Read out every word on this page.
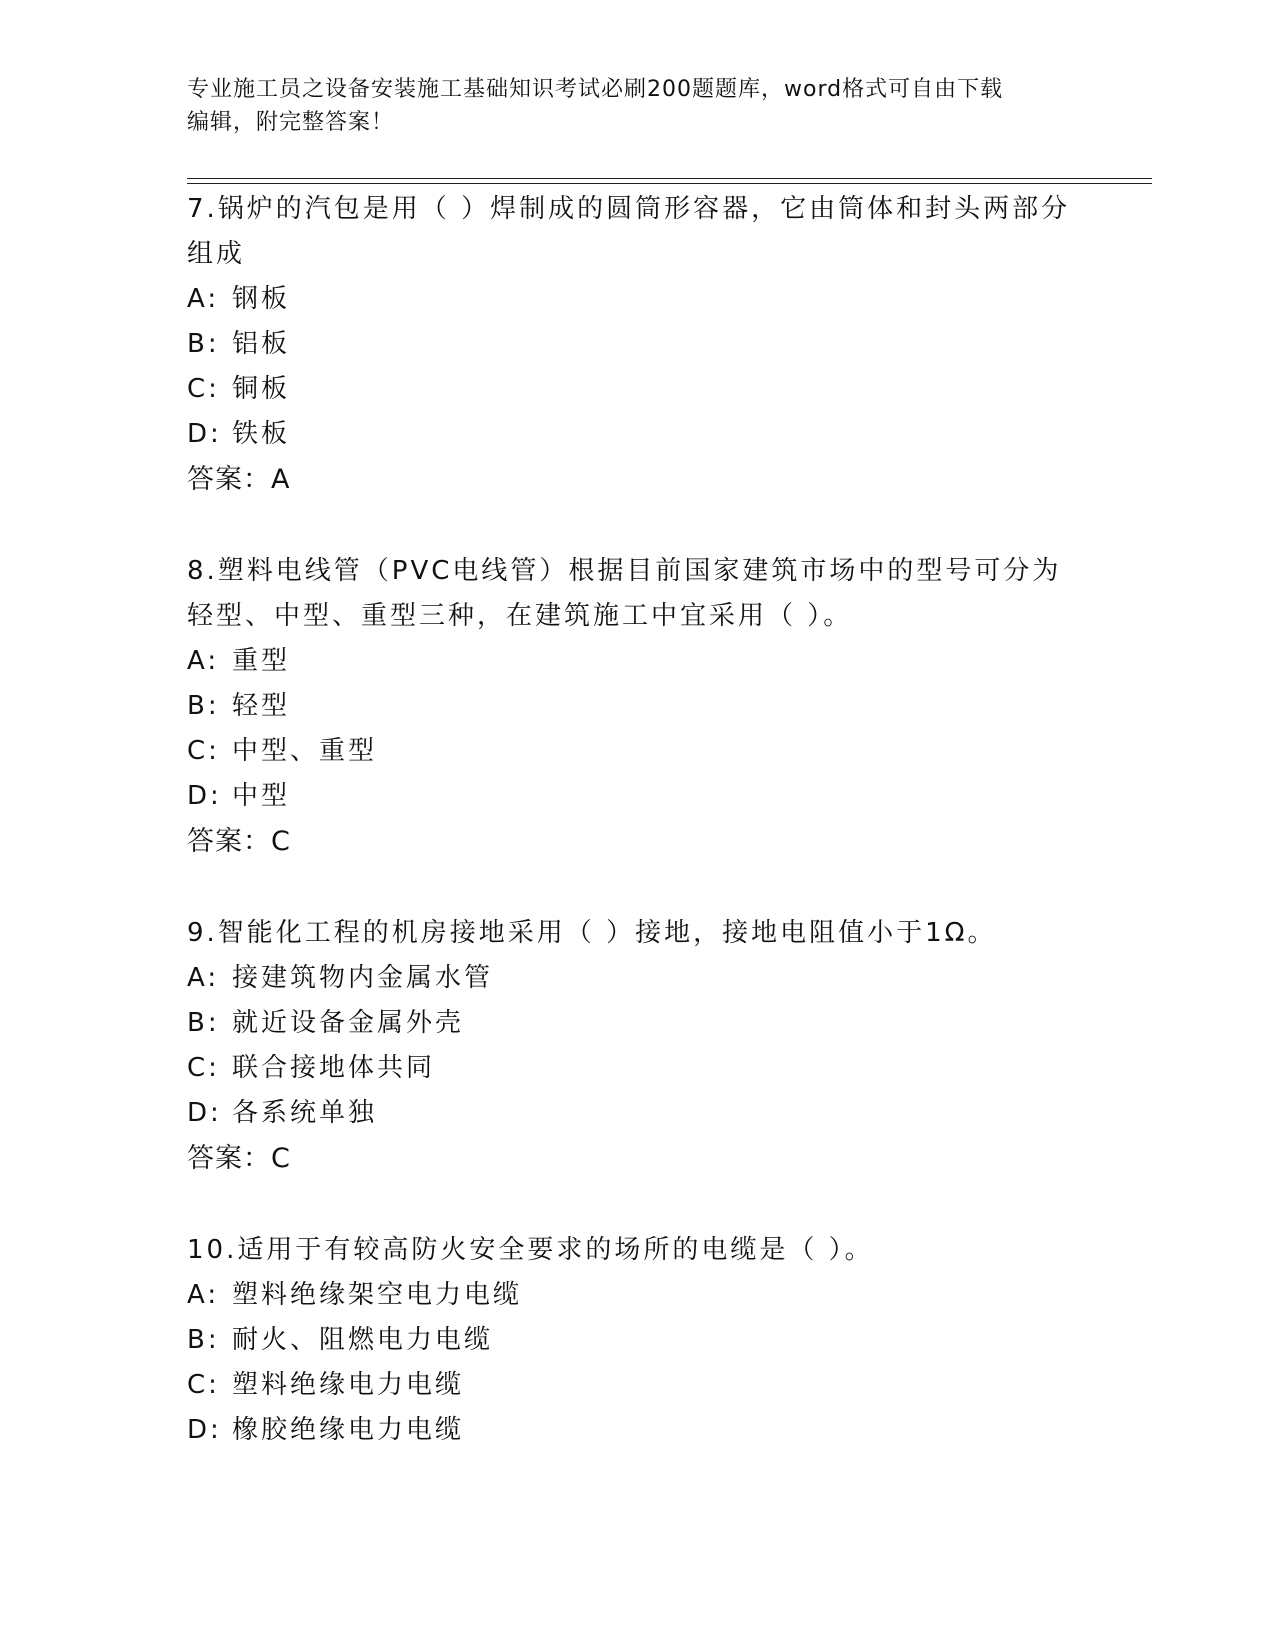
专业施工员之设备安装施工基础知识考试必刷200题题库，word格式可自由下载
编辑，附完整答案！
7.锅炉的汽包是用（ ）焊制成的圆筒形容器，它由筒体和封头两部分组成
A: 钢板
B: 铝板
C: 铜板
D: 铁板
答案：A
8.塑料电线管（PVC电线管）根据目前国家建筑市场中的型号可分为轻型、中型、重型三种，在建筑施工中宜采用（ ）。
A: 重型
B: 轻型
C: 中型、重型
D: 中型
答案：C
9.智能化工程的机房接地采用（ ）接地，接地电阻值小于1Ω。
A: 接建筑物内金属水管
B: 就近设备金属外壳
C: 联合接地体共同
D: 各系统单独
答案：C
10.适用于有较高防火安全要求的场所的电缆是（ ）。
A: 塑料绝缘架空电力电缆
B: 耐火、阻燃电力电缆
C: 塑料绝缘电力电缆
D: 橡胶绝缘电力电缆
